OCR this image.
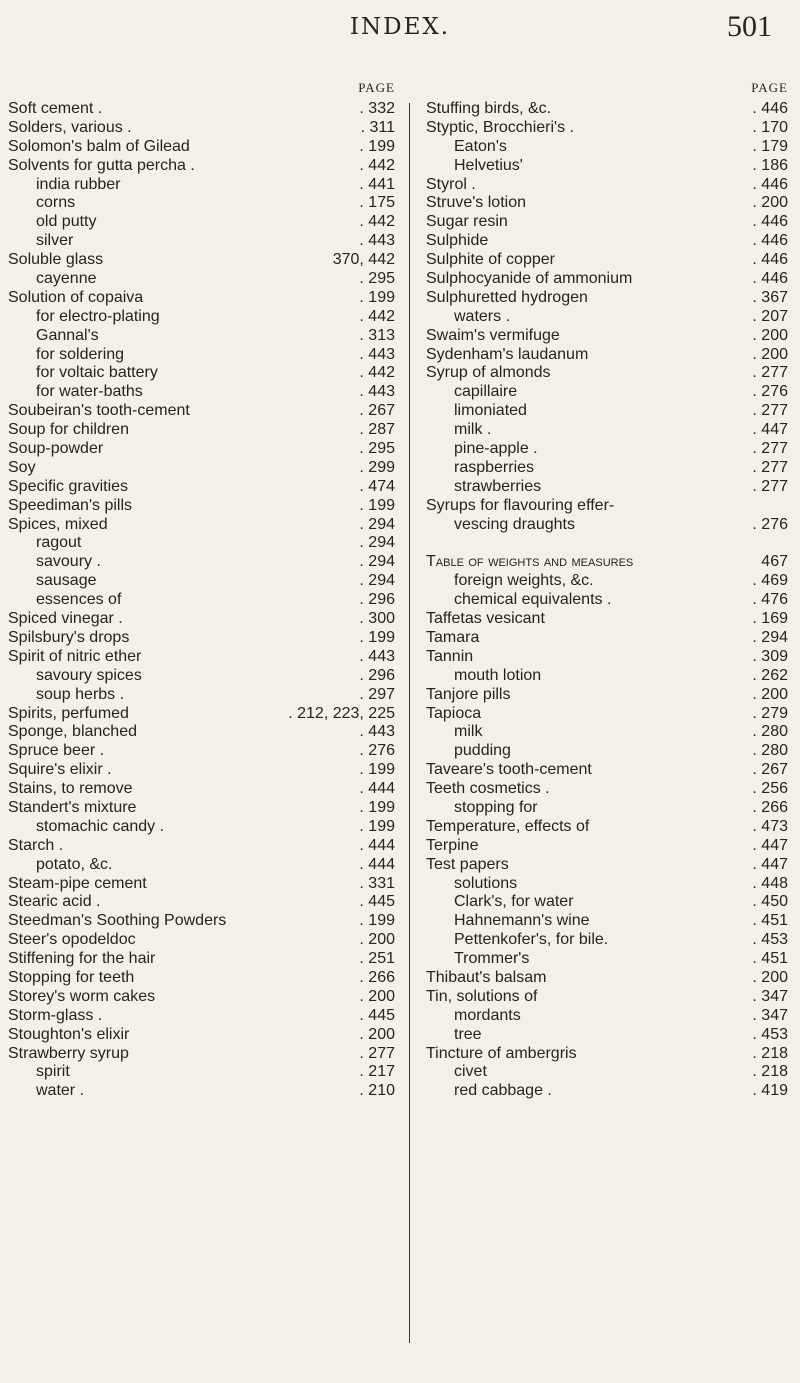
INDEX.	501
PAGE
Soft cement .	. 332
Solders, various .	. 311
Solomon's balm of Gilead	. 199
Solvents for gutta percha .	. 442
india rubber	. 441
corns	. 175
old putty	. 442
silver	. 443
Soluble glass	370, 442
cayenne	. 295
Solution of copaiva	. 199
for electro-plating	. 442
Gannal's	. 313
for soldering	. 443
for voltaic battery	. 442
for water-baths	. 443
Soubeiran's tooth-cement	. 267
Soup for children	. 287
Soup-powder	. 295
Soy	. 299
Specific gravities	. 474
Speediman's pills	. 199
Spices, mixed	. 294
ragout	. 294
savoury .	. 294
sausage	. 294
essences of	. 296
Spiced vinegar .	. 300
Spilsbury's drops	. 199
Spirit of nitric ether	. 443
savoury spices	. 296
soup herbs .	. 297
Spirits, perfumed	. 212, 223, 225
Sponge, blanched	. 443
Spruce beer .	. 276
Squire's elixir .	. 199
Stains, to remove	. 444
Standert's mixture	. 199
stomachic candy .	. 199
Starch .	. 444
potato, &c.	. 444
Steam-pipe cement	. 331
Stearic acid .	. 445
Steedman's Soothing Powders	. 199
Steer's opodeldoc	. 200
Stiffening for the hair	. 251
Stopping for teeth	. 266
Storey's worm cakes	. 200
Storm-glass .	. 445
Stoughton's elixir	. 200
Strawberry syrup	. 277
spirit	. 217
water .	. 210
PAGE
Stuffing birds, &c.	. 446
Styptic, Brocchieri's .	. 170
Eaton's	. 179
Helvetius'	. 186
Styrol .	. 446
Struve's lotion	. 200
Sugar resin	. 446
Sulphide	. 446
Sulphite of copper	. 446
Sulphocyanide of ammonium	. 446
Sulphuretted hydrogen	. 367
waters .	. 207
Swaim's vermifuge	. 200
Sydenham's laudanum	. 200
Syrup of almonds	. 277
capillaire	. 276
limoniated	. 277
milk .	. 447
pine-apple .	. 277
raspberries	. 277
strawberries	. 277
Syrups for flavouring effer-
vescing draughts	. 276
Table of weights and measures	467
foreign weights, &c.	. 469
chemical equivalents .	. 476
Taffetas vesicant	. 169
Tamara	. 294
Tannin	. 309
mouth lotion	. 262
Tanjore pills	. 200
Tapioca	. 279
milk	. 280
pudding	. 280
Taveare's tooth-cement	. 267
Teeth cosmetics .	. 256
stopping for	. 266
Temperature, effects of	. 473
Terpine	. 447
Test papers	. 447
solutions	. 448
Clark's, for water	. 450
Hahnemann's wine	. 451
Pettenkofer's, for bile.	. 453
Trommer's	. 451
Thibaut's balsam	. 200
Tin, solutions of	. 347
mordants	. 347
tree	. 453
Tincture of ambergris	. 218
civet	. 218
red cabbage .	. 419
